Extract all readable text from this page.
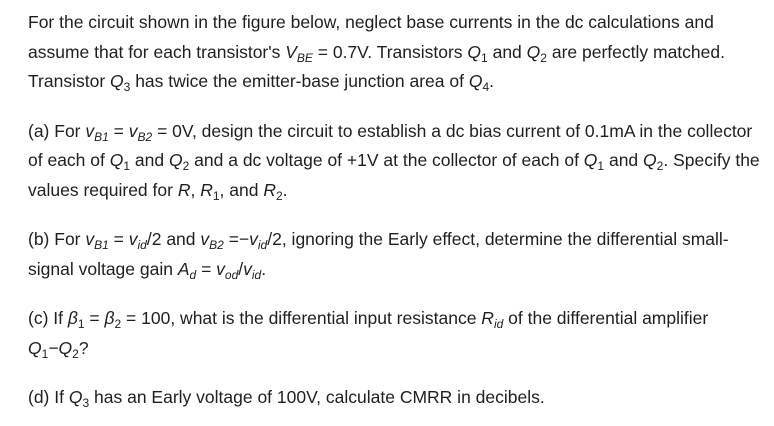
For the circuit shown in the figure below, neglect base currents in the dc calculations and assume that for each transistor's $V_{BE} = 0.7V$. Transistors $Q_1$ and $Q_2$ are perfectly matched. Transistor $Q_3$ has twice the emitter-base junction area of $Q_4$.

(a) For $v_{B1} = v_{B2} = 0V$, design the circuit to establish a dc bias current of 0.1mA in the collector of each of $Q_1$ and $Q_2$ and a dc voltage of +1V at the collector of each of $Q_1$ and $Q_2$. Specify the values required for R, $R_1$, and $R_2$.

(b) For $v_{B1} = v_{id}/2$ and $v_{B2} =-v_{id}/2$, ignoring the Early effect, determine the differential small-signal voltage gain $A_d = v_{od}/v_{id}$.

(c) If $\beta_1 = \beta_2 = 100$, what is the differential input resistance $R_{id}$ of the differential amplifier $Q_1-Q_2$?

(d) If $Q_3$ has an Early voltage of 100V, calculate CMRR in decibels.
